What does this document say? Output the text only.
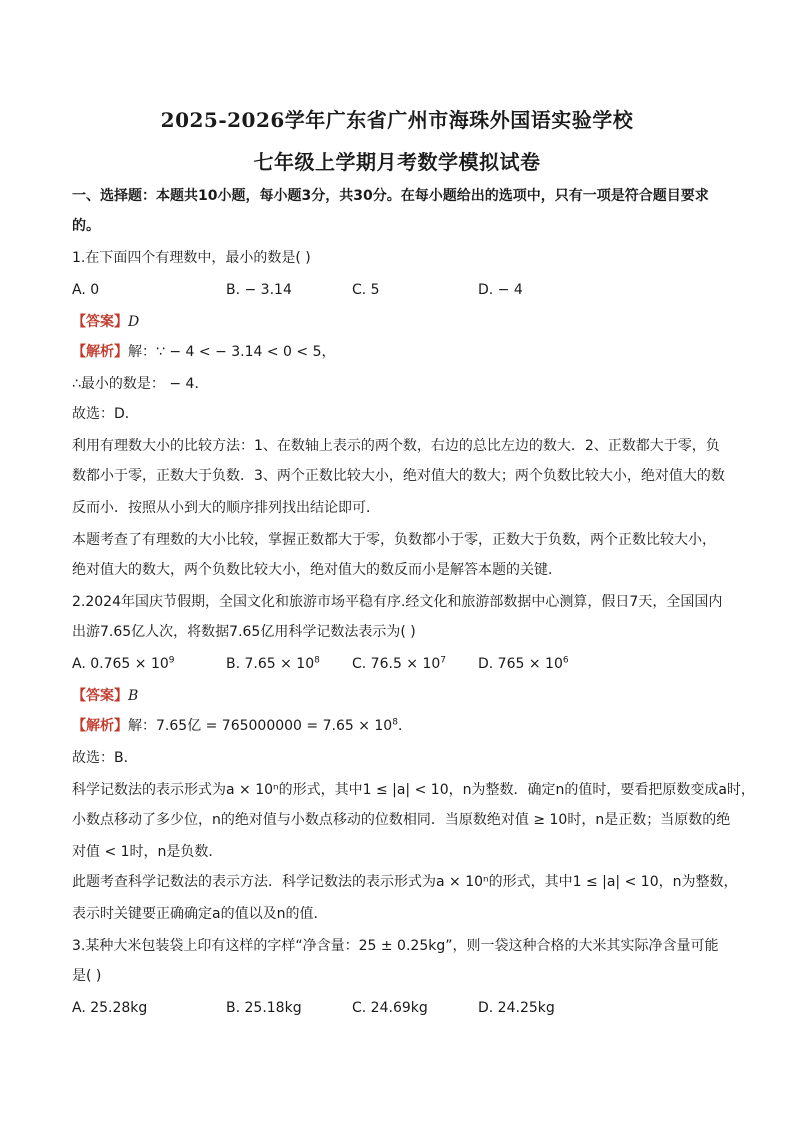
2025-2026学年广东省广州市海珠外国语实验学校
七年级上学期月考数学模拟试卷
一、选择题：本题共10小题，每小题3分，共30分。在每小题给出的选项中，只有一项是符合题目要求
的。
1.在下面四个有理数中，最小的数是( )
A. 0	B. − 3.14	C. 5	D. − 4
【答案】D
【解析】解：∵ − 4 < − 3.14 < 0 < 5，
∴最小的数是： − 4．
故选：D．
利用有理数大小的比较方法：1、在数轴上表示的两个数，右边的总比左边的数大．2、正数都大于零，负
数都小于零，正数大于负数．3、两个正数比较大小，绝对值大的数大；两个负数比较大小，绝对值大的数
反而小．按照从小到大的顺序排列找出结论即可．
本题考查了有理数的大小比较，掌握正数都大于零，负数都小于零，正数大于负数，两个正数比较大小，
绝对值大的数大，两个负数比较大小，绝对值大的数反而小是解答本题的关键．
2.2024年国庆节假期，全国文化和旅游市场平稳有序.经文化和旅游部数据中心测算，假日7天，全国国内
出游7.65亿人次，将数据7.65亿用科学记数法表示为( )
A. $0.765 \times 10^9$	B. $7.65 \times 10^8$ C. $76.5 \times 10^7$ D. $765 \times 10^6$
【答案】B
【解析】解：7.65亿 = $765000000 = 7.65 \times 10^8$．
故选：B．
科学记数法的表示形式为a × 10ⁿ的形式，其中1 ≤ |a| < 10，n为整数．确定n的值时，要看把原数变成a时，
小数点移动了多少位，n的绝对值与小数点移动的位数相同．当原数绝对值 ≥ 10时，n是正数；当原数的绝
对值 < 1时，n是负数．
此题考查科学记数法的表示方法．科学记数法的表示形式为a × 10ⁿ的形式，其中1 ≤ |a| < 10，n为整数，
表示时关键要正确确定a的值以及n的值．
3.某种大米包装袋上印有这样的字样“净含量：25 ± 0.25kg”，则一袋这种合格的大米其实际净含量可能
是( )
A. 25.28kg	B. 25.18kg	C. 24.69kg	D. 24.25kg
